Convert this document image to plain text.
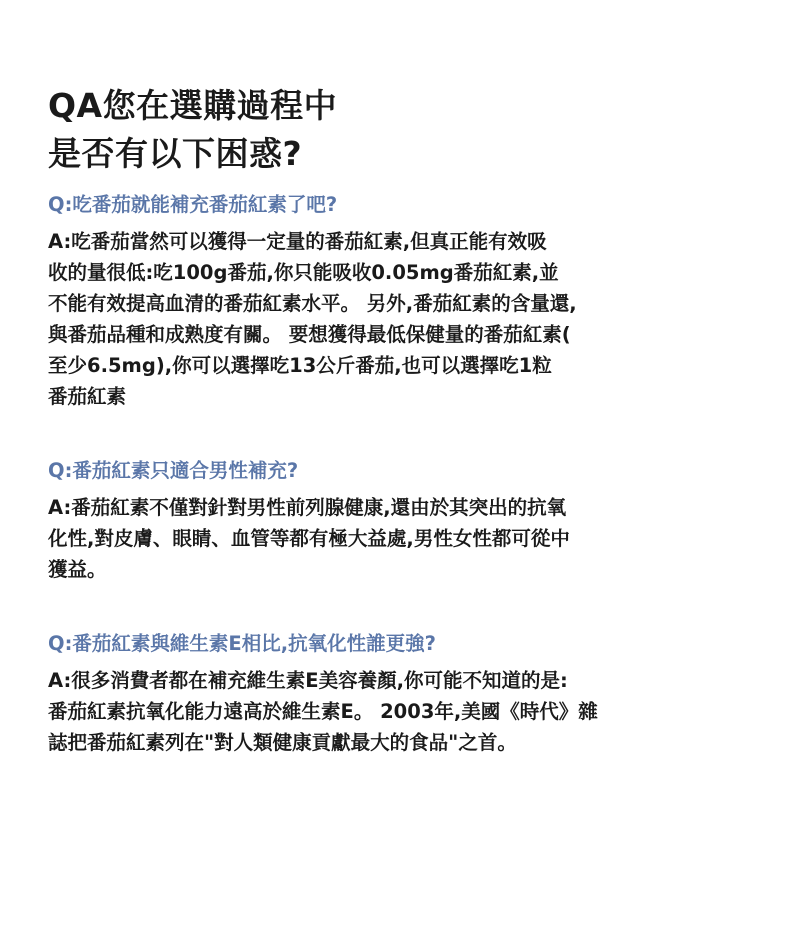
QA您在選購過程中
是否有以下困惑?

Q:吃番茄就能補充番茄紅素了吧?

A:吃番茄當然可以獲得一定量的番茄紅素,但真正能有效吸
收的量很低:吃100g番茄,你只能吸收0.05mg番茄紅素,並
不能有效提高血清的番茄紅素水平。 另外,番茄紅素的含量還,
與番茄品種和成熟度有關。 要想獲得最低保健量的番茄紅素(
至少6.5mg),你可以選擇吃13公斤番茄,也可以選擇吃1粒
番茄紅素

Q:番茄紅素只適合男性補充?

A:番茄紅素不僅對針對男性前列腺健康,還由於其突出的抗氧
化性,對皮膚、眼睛、血管等都有極大益處,男性女性都可從中
獲益。

Q:番茄紅素與維生素E相比,抗氧化性誰更強?

A:很多消費者都在補充維生素E美容養顏,你可能不知道的是:
番茄紅素抗氧化能力遠高於維生素E。 2003年,美國《時代》雜
誌把番茄紅素列在"對人類健康貢獻最大的食品"之首。
